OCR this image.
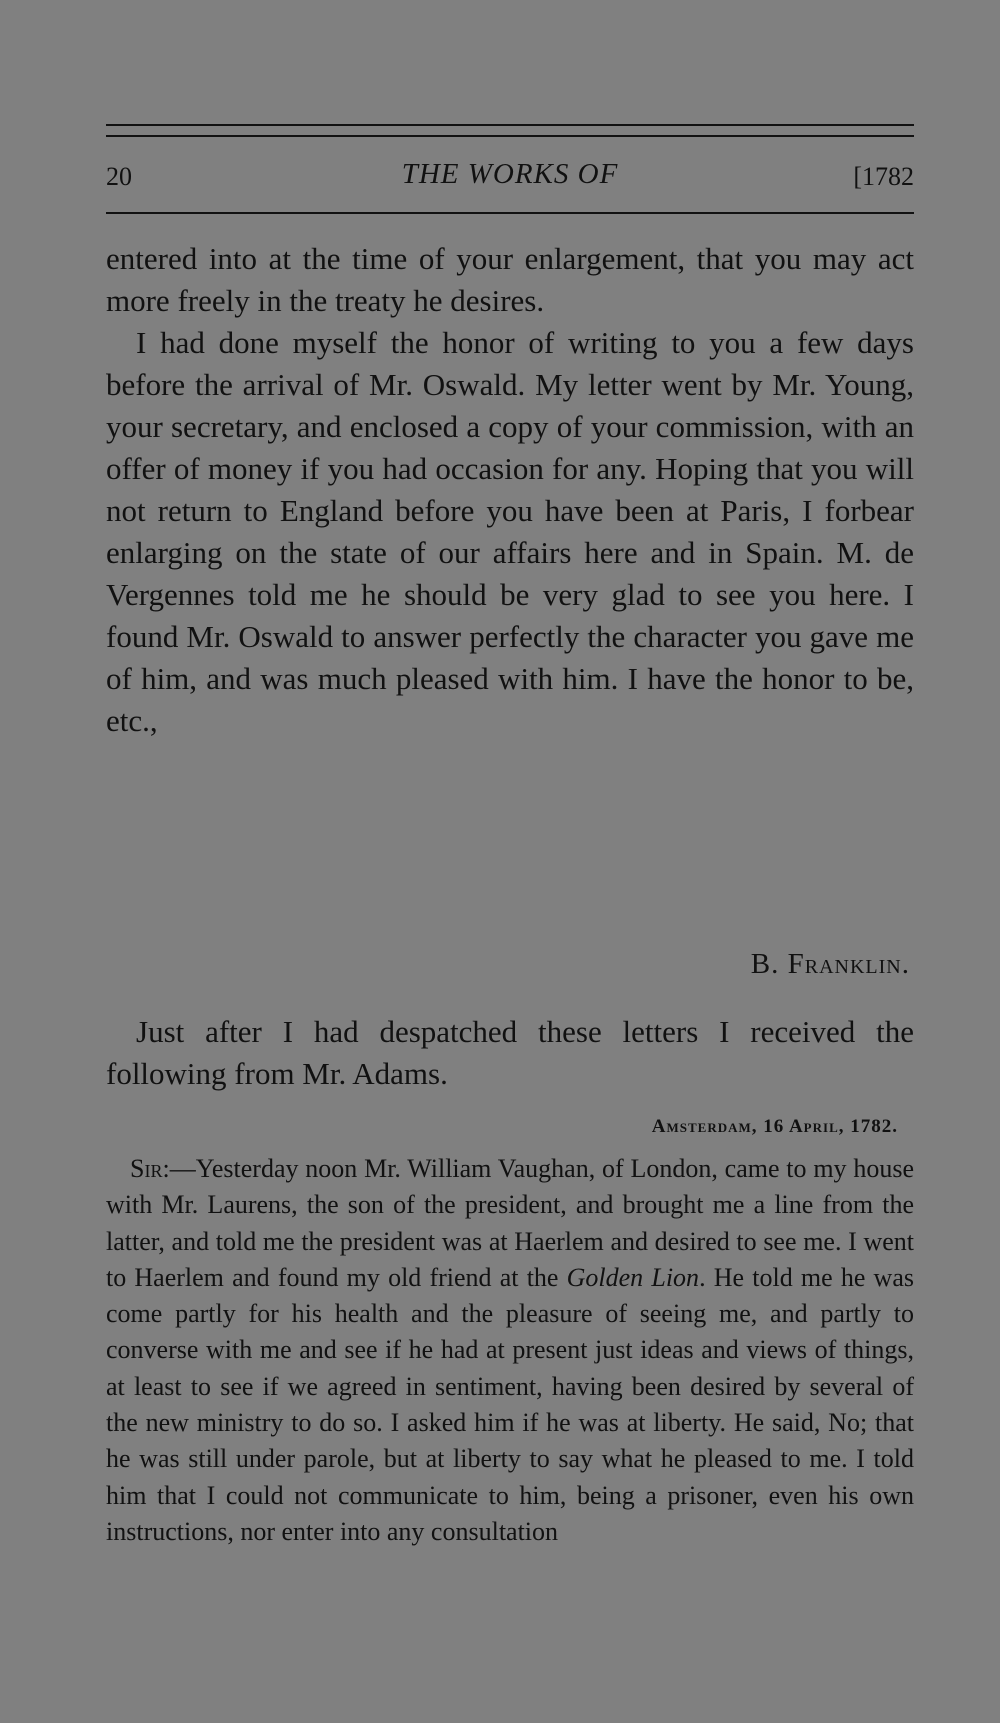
20	THE WORKS OF	[1782

entered into at the time of your enlargement, that you may act more freely in the treaty he desires.

I had done myself the honor of writing to you a few days before the arrival of Mr. Oswald. My letter went by Mr. Young, your secretary, and enclosed a copy of your commission, with an offer of money if you had occasion for any. Hoping that you will not return to England before you have been at Paris, I forbear enlarging on the state of our affairs here and in Spain. M. de Vergennes told me he should be very glad to see you here. I found Mr. Oswald to answer perfectly the character you gave me of him, and was much pleased with him. I have the honor to be, etc.,

B. Franklin.

Just after I had despatched these letters I received the following from Mr. Adams.

Amsterdam, 16 April, 1782.

Sir:—Yesterday noon Mr. William Vaughan, of London, came to my house with Mr. Laurens, the son of the president, and brought me a line from the latter, and told me the president was at Haerlem and desired to see me. I went to Haerlem and found my old friend at the Golden Lion. He told me he was come partly for his health and the pleasure of seeing me, and partly to converse with me and see if he had at present just ideas and views of things, at least to see if we agreed in sentiment, having been desired by several of the new ministry to do so. I asked him if he was at liberty. He said, No; that he was still under parole, but at liberty to say what he pleased to me. I told him that I could not communicate to him, being a prisoner, even his own instructions, nor enter into any consultation
